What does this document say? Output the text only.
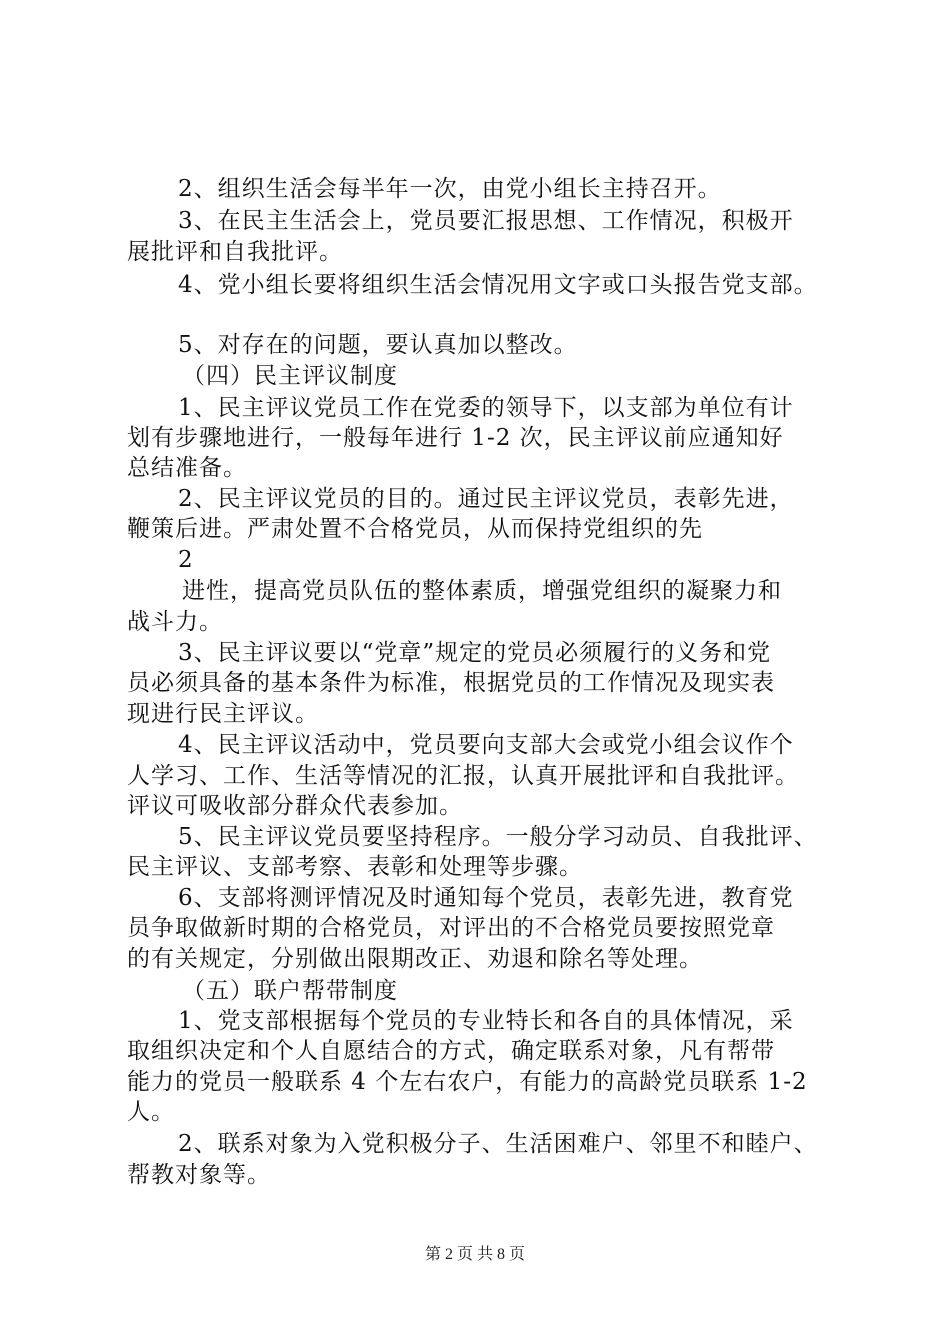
2、组织生活会每半年一次，由党小组长主持召开。
3、在民主生活会上，党员要汇报思想、工作情况，积极开
展批评和自我批评。
4、党小组长要将组织生活会情况用文字或口头报告党支部。
5、对存在的问题，要认真加以整改。
（四）民主评议制度
1、民主评议党员工作在党委的领导下，以支部为单位有计
划有步骤地进行，一般每年进行 1-2 次，民主评议前应通知好
总结准备。
2、民主评议党员的目的。通过民主评议党员，表彰先进，
鞭策后进。严肃处置不合格党员，从而保持党组织的先
2
进性，提高党员队伍的整体素质，增强党组织的凝聚力和
战斗力。
3、民主评议要以“党章”规定的党员必须履行的义务和党
员必须具备的基本条件为标准，根据党员的工作情况及现实表
现进行民主评议。
4、民主评议活动中，党员要向支部大会或党小组会议作个
人学习、工作、生活等情况的汇报，认真开展批评和自我批评。
评议可吸收部分群众代表参加。
5、民主评议党员要坚持程序。一般分学习动员、自我批评、
民主评议、支部考察、表彰和处理等步骤。
6、支部将测评情况及时通知每个党员，表彰先进，教育党
员争取做新时期的合格党员，对评出的不合格党员要按照党章
的有关规定，分别做出限期改正、劝退和除名等处理。
（五）联户帮带制度
1、党支部根据每个党员的专业特长和各自的具体情况，采
取组织决定和个人自愿结合的方式，确定联系对象，凡有帮带
能力的党员一般联系 4 个左右农户，有能力的高龄党员联系 1-2
人。
2、联系对象为入党积极分子、生活困难户、邻里不和睦户、
帮教对象等。
第 2 页 共 8 页
